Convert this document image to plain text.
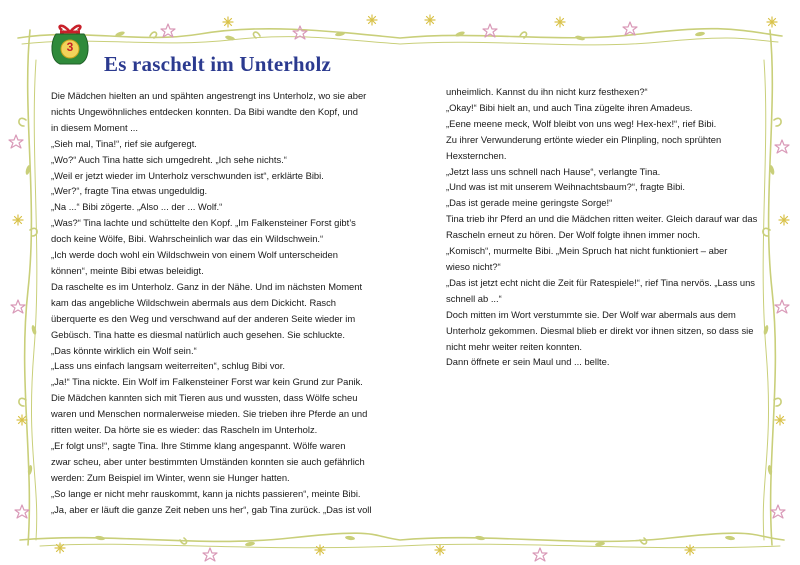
3
Es raschelt im Unterholz
Die Mädchen hielten an und spähten angestrengt ins Unterholz, wo sie aber
nichts Ungewöhnliches entdecken konnten. Da Bibi wandte den Kopf, und
in diesem Moment ...
„Sieh mal, Tina!“, rief sie aufgeregt.
„Wo?“ Auch Tina hatte sich umgedreht. „Ich sehe nichts.“
„Weil er jetzt wieder im Unterholz verschwunden ist“, erklärte Bibi.
„Wer?“, fragte Tina etwas ungeduldig.
„Na ...“ Bibi zögerte. „Also ... der ... Wolf.“
„Was?“ Tina lachte und schüttelte den Kopf. „Im Falkensteiner Forst gibt’s
doch keine Wölfe, Bibi. Wahrscheinlich war das ein Wildschwein.“
„Ich werde doch wohl ein Wildschwein von einem Wolf unterscheiden
können“, meinte Bibi etwas beleidigt.
Da raschelte es im Unterholz. Ganz in der Nähe. Und im nächsten Moment
kam das angebliche Wildschwein abermals aus dem Dickicht. Rasch
überquerte es den Weg und verschwand auf der anderen Seite wieder im
Gebüsch. Tina hatte es diesmal natürlich auch gesehen. Sie schluckte.
„Das könnte wirklich ein Wolf sein.“
„Lass uns einfach langsam weiterreiten“, schlug Bibi vor.
„Ja!“ Tina nickte. Ein Wolf im Falkensteiner Forst war kein Grund zur Panik.
Die Mädchen kannten sich mit Tieren aus und wussten, dass Wölfe scheu
waren und Menschen normalerweise mieden. Sie trieben ihre Pferde an und
ritten weiter. Da hörte sie es wieder: das Rascheln im Unterholz.
„Er folgt uns!“, sagte Tina. Ihre Stimme klang angespannt. Wölfe waren
zwar scheu, aber unter bestimmten Umständen konnten sie auch gefährlich
werden: Zum Beispiel im Winter, wenn sie Hunger hatten.
„So lange er nicht mehr rauskommt, kann ja nichts passieren“, meinte Bibi.
„Ja, aber er läuft die ganze Zeit neben uns her“, gab Tina zurück. „Das ist voll
unheimlich. Kannst du ihn nicht kurz festhexen?“
„Okay!“ Bibi hielt an, und auch Tina zügelte ihren Amadeus.
„Eene meene meck, Wolf bleibt von uns weg! Hex-hex!“, rief Bibi.
Zu ihrer Verwunderung ertönte wieder ein Plinpling, noch sprühten
Hexsternchen.
„Jetzt lass uns schnell nach Hause“, verlangte Tina.
„Und was ist mit unserem Weihnachtsbaum?“, fragte Bibi.
„Das ist gerade meine geringste Sorge!“
Tina trieb ihr Pferd an und die Mädchen ritten weiter. Gleich darauf war das
Rascheln erneut zu hören. Der Wolf folgte ihnen immer noch.
„Komisch“, murmelte Bibi. „Mein Spruch hat nicht funktioniert – aber
wieso nicht?“
„Das ist jetzt echt nicht die Zeit für Ratespiele!“, rief Tina nervös. „Lass uns
schnell ab ...“
Doch mitten im Wort verstummte sie. Der Wolf war abermals aus dem
Unterholz gekommen. Diesmal blieb er direkt vor ihnen sitzen, so dass sie
nicht mehr weiter reiten konnten.
Dann öffnete er sein Maul und ... bellte.
